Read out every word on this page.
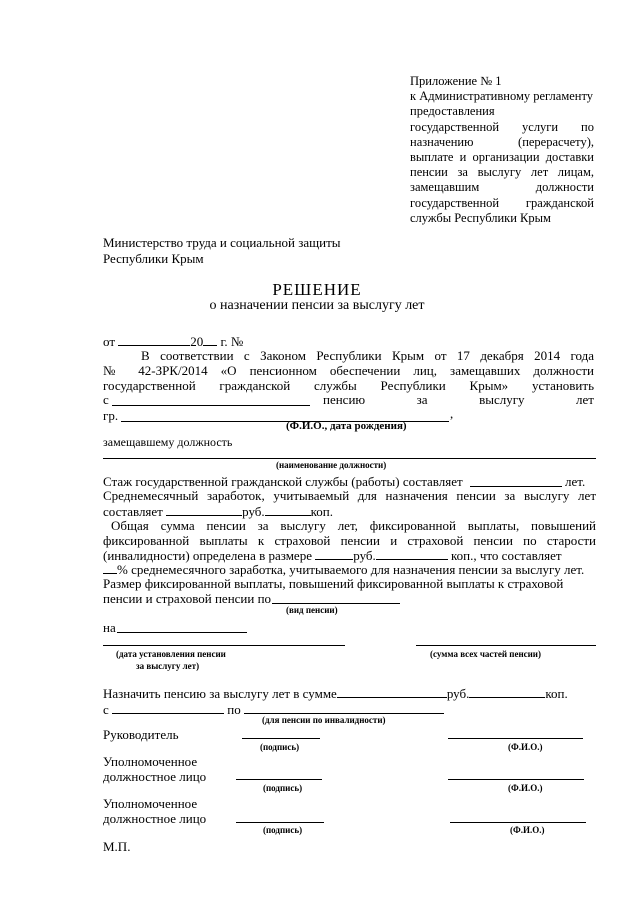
Приложение № 1
к Административному регламенту
предоставления
государственной услуги по
назначению (перерасчету),
выплате и организации доставки
пенсии за выслугу лет лицам,
замещавшим должности
государственной гражданской
службы Республики Крым
Министерство труда и социальной защиты
Республики Крым
РЕШЕНИЕ
о назначении пенсии за выслугу лет
от	20 г. №
В соответствии с Законом Республики Крым от 17 декабря 2014 года
№ 42-ЗРК/2014 «О пенсионном обеспечении лиц, замещавших должности
государственной гражданской службы Республики Крым» установить
с	пенсию за выслугу лет
гр.	,
(Ф.И.О., дата рождения)
замещавшему должность
(наименование должности)
Стаж государственной гражданской службы (работы) составляет	лет.
Среднемесячный заработок, учитываемый для назначения пенсии за выслугу лет
составляет	руб.	коп.
Общая сумма пенсии за выслугу лет, фиксированной выплаты, повышений
фиксированной выплаты к страховой пенсии и страховой пенсии по старости
(инвалидности) определена в размере	руб.	коп., что составляет
% среднемесячного заработка, учитываемого для назначения пенсии за выслугу лет.
Размер фиксированной выплаты, повышений фиксированной выплаты к страховой
пенсии и страховой пенсии по
(вид пенсии)
на
(дата установления пенсии
за выслугу лет)
(сумма всех частей пенсии)
Назначить пенсию за выслугу лет в сумме	руб.	коп.
с	по
(для пенсии по инвалидности)
Руководитель
(подпись)	(Ф.И.О.)
Уполномоченное
должностное лицо
(подпись)	(Ф.И.О.)
Уполномоченное
должностное лицо
(подпись)	(Ф.И.О.)
М.П.
